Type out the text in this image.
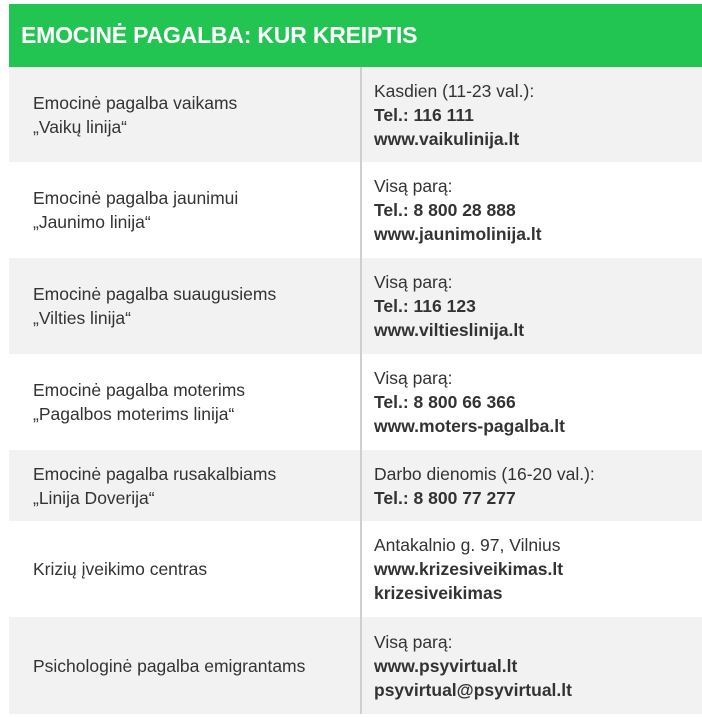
EMOCINĖ PAGALBA: KUR KREIPTIS
Emocinė pagalba vaikams
„Vaikų linija“
Kasdien (11-23 val.):
Tel.: 116 111
www.vaikulinija.lt
Emocinė pagalba jaunimui
„Jaunimo linija“
Visą parą:
Tel.: 8 800 28 888
www.jaunimolinija.lt
Emocinė pagalba suaugusiems
„Vilties linija“
Visą parą:
Tel.: 116 123
www.viltieslinija.lt
Emocinė pagalba moterims
„Pagalbos moterims linija“
Visą parą:
Tel.: 8 800 66 366
www.moters-pagalba.lt
Emocinė pagalba rusakalbiams
„Linija Doverija“
Darbo dienomis (16-20 val.):
Tel.: 8 800 77 277
Krizių įveikimo centras
Antakalnio g. 97, Vilnius
www.krizesiveikimas.lt
krizesiveikimas
Psichologinė pagalba emigrantams
Visą parą:
www.psyvirtual.lt
psyvirtual@psyvirtual.lt
